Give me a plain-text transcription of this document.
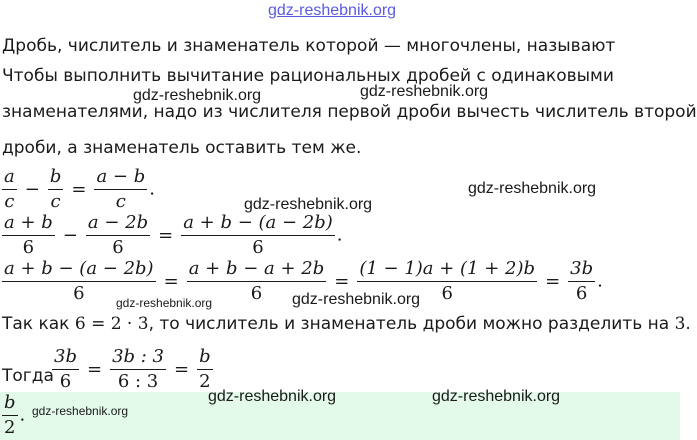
gdz-reshebnik.org
Дробь, числитель и знаменатель которой — многочлены, называют
Чтобы выполнить вычитание рациональных дробей с одинаковыми
знаменателями, надо из числителя первой дроби вычесть числитель второй
дроби, а знаменатель оставить тем же.
gdz-reshebnik.org	gdz-reshebnik.org
$\frac{a}{c} - \frac{b}{c} = \frac{a - b}{c}$ .	gdz-reshebnik.org
gdz-reshebnik.org
$\frac{a + b}{6} - \frac{a - 2b}{6} = \frac{a + b - (a - 2b)}{6}$ .
$\frac{a + b - (a - 2b)}{6} = \frac{a + b - a + 2b}{6} = \frac{(1 - 1)a + (1 + 2)b}{6} = \frac{3b}{6}$ .
gdz-reshebnik.org	gdz-reshebnik.org
Так как 6 = 2 · 3, то числитель и знаменатель дроби можно разделить на 3.
Тогда
$\frac{3b}{6} = \frac{3b : 3}{6 : 3} = \frac{b}{2}$
$\frac{b}{2}$ . gdz-reshebnik.org
gdz-reshebnik.org	gdz-reshebnik.org
